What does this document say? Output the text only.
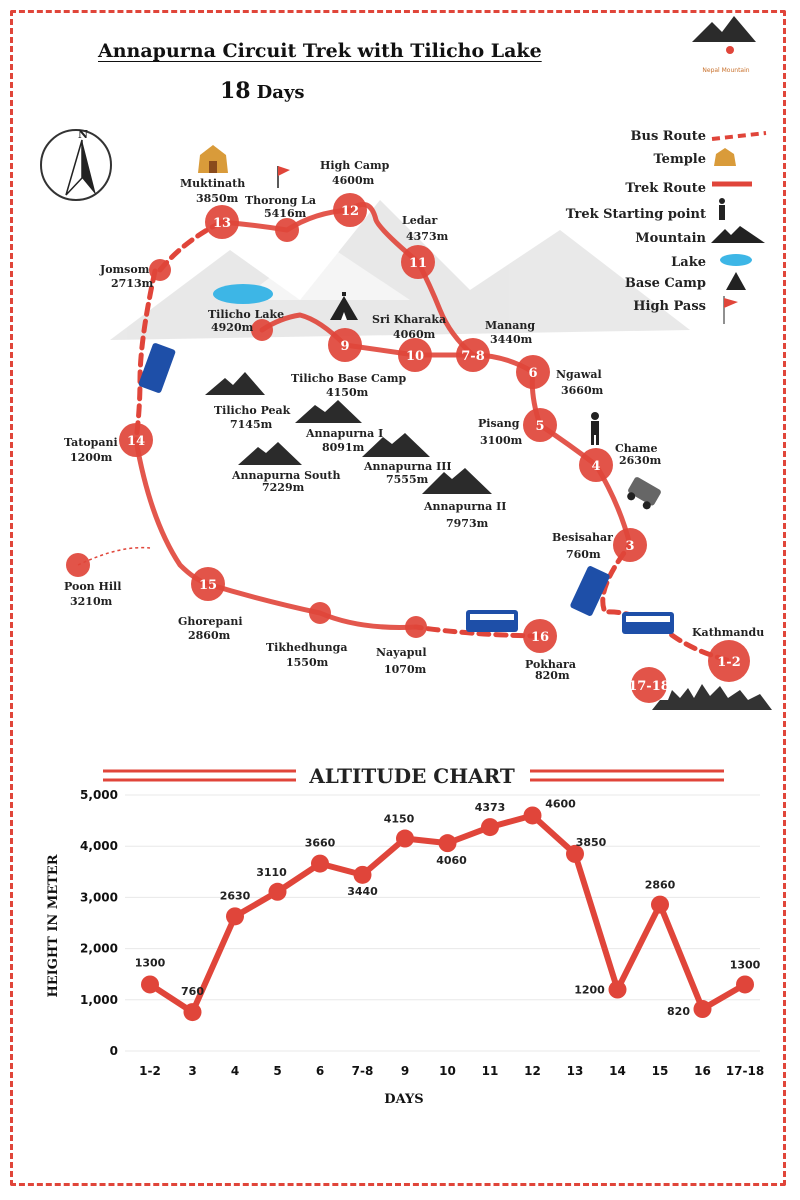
Annapurna Circuit Trek with Tilicho Lake
18 Days
Nepal Mountain
N
1-2
3
4
5
6
7-8
10
9
11
12
13
14
15
16
17-18
Kathmandu
Besisahar
760m
Chame
2630m
Pisang
3100m
Ngawal
3660m
Manang
3440m
Sri Kharaka
4060m
Tilicho Base Camp
4150m
Tilicho Lake
4920m
Ledar
4373m
High Camp
4600m
Thorong La
5416m
Muktinath
3850m
Jomsom
2713m
Tatopani
1200m
Poon Hill
3210m
Ghorepani
2860m
Tikhedhunga
1550m
Nayapul
1070m	Pokhara
820m
Tilicho Peak
7145m
Annapurna I
8091m
Annapurna South
7229m
Annapurna III
7555m
Annapurna II
7973m
Bus Route
Temple
Trek Route
Trek Starting point
Mountain
Lake
Base Camp
High Pass
ALTITUDE CHART
HEIGHT IN METER
DAYS
0
1,000
2,000
3,000
4,000
5,000
1-2 3	4	5	6 7-8 9 10 11 12 13 14 15 16 17-18
1300
760
2630
3110
3660
3440
4150
4060
4373	4600
3850
1200
2860
820
1300
